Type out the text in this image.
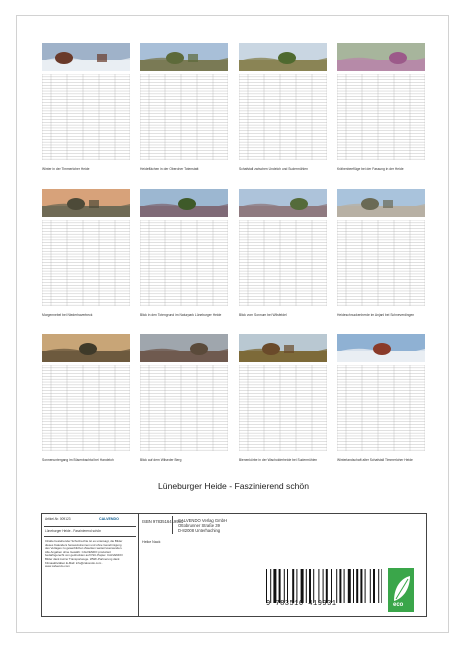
Winter in der Timmerloher Heide	Heideflächen in der Oberoher Totenstatt	Schafstall zwischen Undeloh und Sudermühlen	Krähenbeeflüge bei der Fassung in der Heide
Morgennebel bei Niederhaverbeck	Blick in den Totengrund im Naturpark Lüneburger Heide	Blick vom Sonnum bei Wilsfeldel	Heideschnuckenherde im Anjanl bei Schneverdingen
Sonnenuntergang im Büsenbachtal bei Handeloh	Blick auf dem Wilseder Berg	Bienenkörbe in der Wacholderheide bei Sudermühlen	Winterlandschaft alter Schafstall Timmerloher Heide
Lüneburger Heide - Faszinierend schön
Artikel-Nr. 009123	CALVENDO
Lüneburger Heide - Faszinierend schön
Inhalte bestehender Schutzrechte ist es untersagt, die Bilder dieses Kalenders herauszutrennen und ohne Genehmigung des Verlages zu gewerblichen Zwecken weiterzuverwenden. Alle Angaben ohne Gewähr. CALVENDO produziert bedarfsgerecht von gedruckten auf FSC-Papier. CALVENDO Bilder dank kurzer Transportwege. WWF-Partnerung dank Klimaaktivitäten E-Mail: info@calvendo.com · www.calvendo.com
ISBN 9783516419931
Heike Nack
CALVENDO Verlag GmbH
Ottobrunner Straße 39
D-82008 Unterhaching
9 783516 419931	eco
